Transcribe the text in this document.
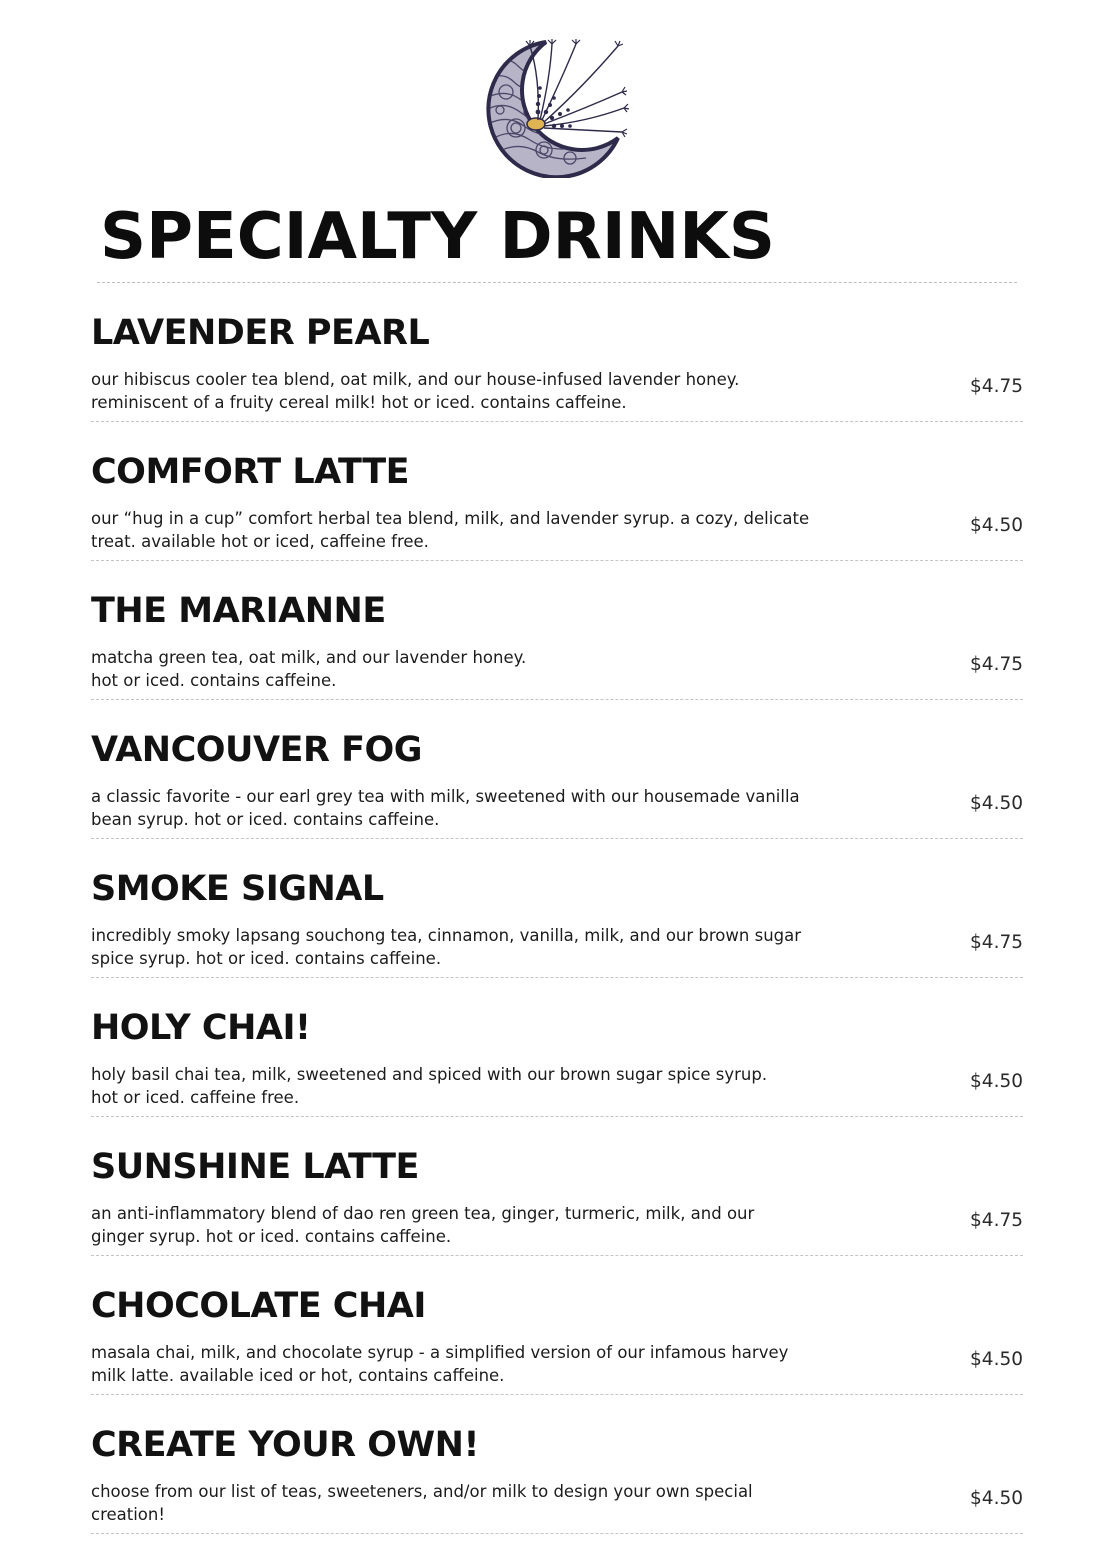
SPECIALTY DRINKS
LAVENDER PEARL

our hibiscus cooler tea blend, oat milk, and our house-infused lavender honey.
reminiscent of a fruity cereal milk! hot or iced. contains caffeine.

$4.75
COMFORT LATTE

our “hug in a cup” comfort herbal tea blend, milk, and lavender syrup. a cozy, delicate
treat. available hot or iced, caffeine free.

$4.50
THE MARIANNE

matcha green tea, oat milk, and our lavender honey.
hot or iced. contains caffeine.

$4.75
VANCOUVER FOG

a classic favorite - our earl grey tea with milk, sweetened with our housemade vanilla
bean syrup. hot or iced. contains caffeine.

$4.50
SMOKE SIGNAL

incredibly smoky lapsang souchong tea, cinnamon, vanilla, milk, and our brown sugar
spice syrup. hot or iced. contains caffeine.

$4.75
HOLY CHAI!

holy basil chai tea, milk, sweetened and spiced with our brown sugar spice syrup.
hot or iced. caffeine free.

$4.50
SUNSHINE LATTE

an anti-inflammatory blend of dao ren green tea, ginger, turmeric, milk, and our
ginger syrup. hot or iced. contains caffeine.

$4.75
CHOCOLATE CHAI

masala chai, milk, and chocolate syrup - a simplified version of our infamous harvey
milk latte. available iced or hot, contains caffeine.

$4.50
CREATE YOUR OWN!

choose from our list of teas, sweeteners, and/or milk to design your own special
creation!

$4.50
